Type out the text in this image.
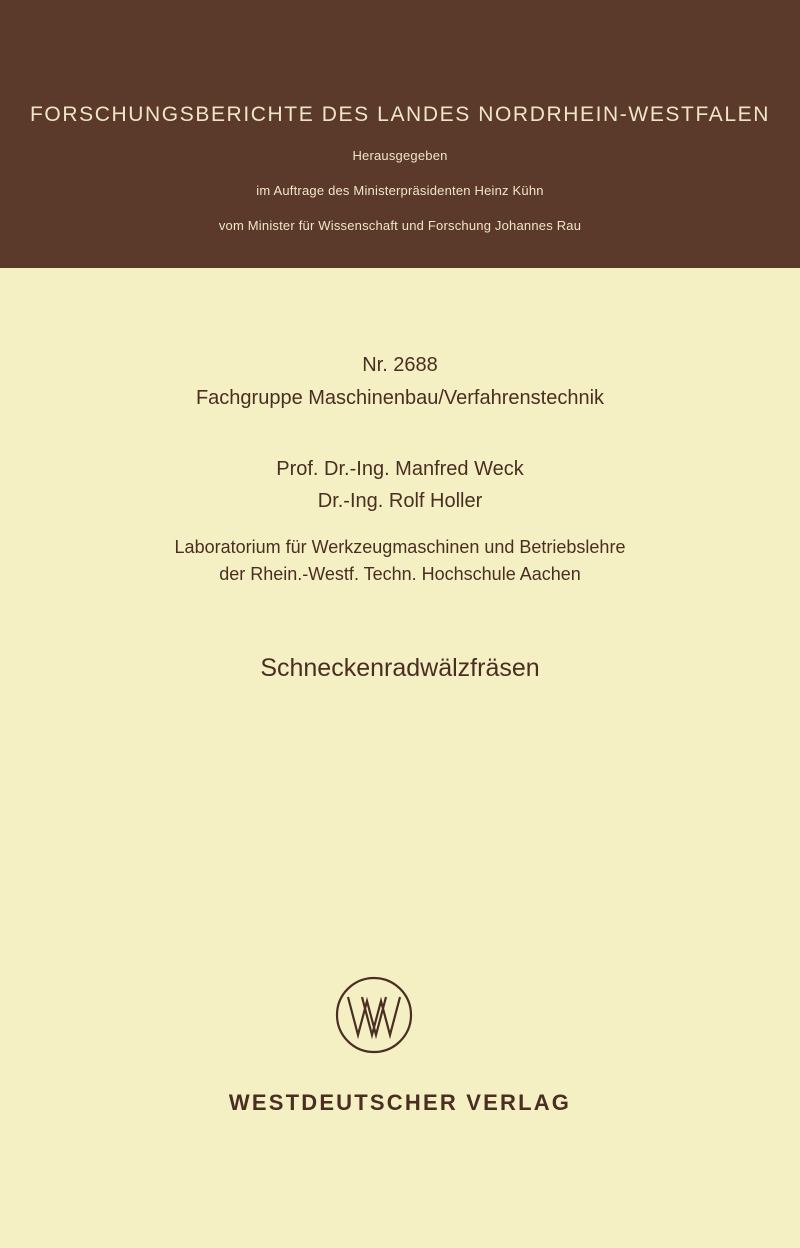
FORSCHUNGSBERICHTE DES LANDES NORDRHEIN-WESTFALEN
Herausgegeben
im Auftrage des Ministerpräsidenten Heinz Kühn
vom Minister für Wissenschaft und Forschung Johannes Rau
Nr. 2688
Fachgruppe Maschinenbau/Verfahrenstechnik
Prof. Dr.-Ing. Manfred Weck
Dr.-Ing. Rolf Holler
Laboratorium für Werkzeugmaschinen und Betriebslehre
der Rhein.-Westf. Techn. Hochschule Aachen
Schneckenradwälzfräsen
WESTDEUTSCHER VERLAG
